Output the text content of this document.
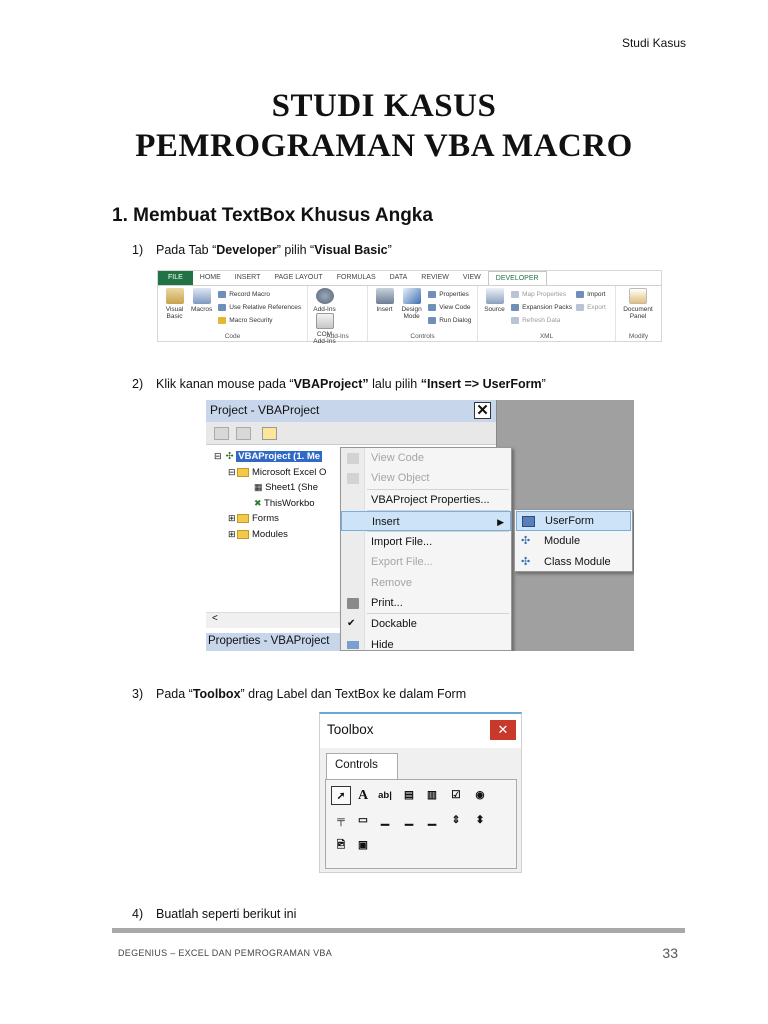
Studi Kasus
STUDI KASUS
PEMROGRAMAN VBA MACRO
1. Membuat TextBox Khusus Angka
1) Pada Tab “Developer” pilih “Visual Basic”
FILE	HOME	INSERT	PAGE LAYOUT	FORMULAS	DATA	REVIEW	VIEW	DEVELOPER
Visual Basic

Macros

Record Macro
Use Relative References
Macro Security
Code
Add-Ins

COM Add-Ins
Add-Ins
Insert
	Design Mode

Properties
View Code
Run Dialog
Controls
Source

Map Properties
Expansion Packs
Refresh Data

Import
Export
XML
Document Panel
Modify
2) Klik kanan mouse pada “VBAProject” lalu pilih “Insert => UserForm”
Project - VBAProject	✕
⊟ ✣ VBAProject (1. Me
⊟ Microsoft Excel O
▦ Sheet1 (She
✖ ThisWorkbo
⊞ Forms
⊞ Modules
<
Properties - VBAProject
View Code
View Object
VBAProject Properties...
Insert	▶
Import File...
Export File...
Remove
Print...
✔	Dockable
Hide
UserForm
✣	Module
✣	Class Module
3) Pada “Toolbox” drag Label dan TextBox ke dalam Form
Toolbox	✕
Controls
➚ A	ab|	▤	▥	☑	◉
╤	▭	▁	▁	▁	⇕	⬍
🖻	▣
4) Buatlah seperti berikut ini
DEGENIUS – EXCEL DAN PEMROGRAMAN VBA	33
